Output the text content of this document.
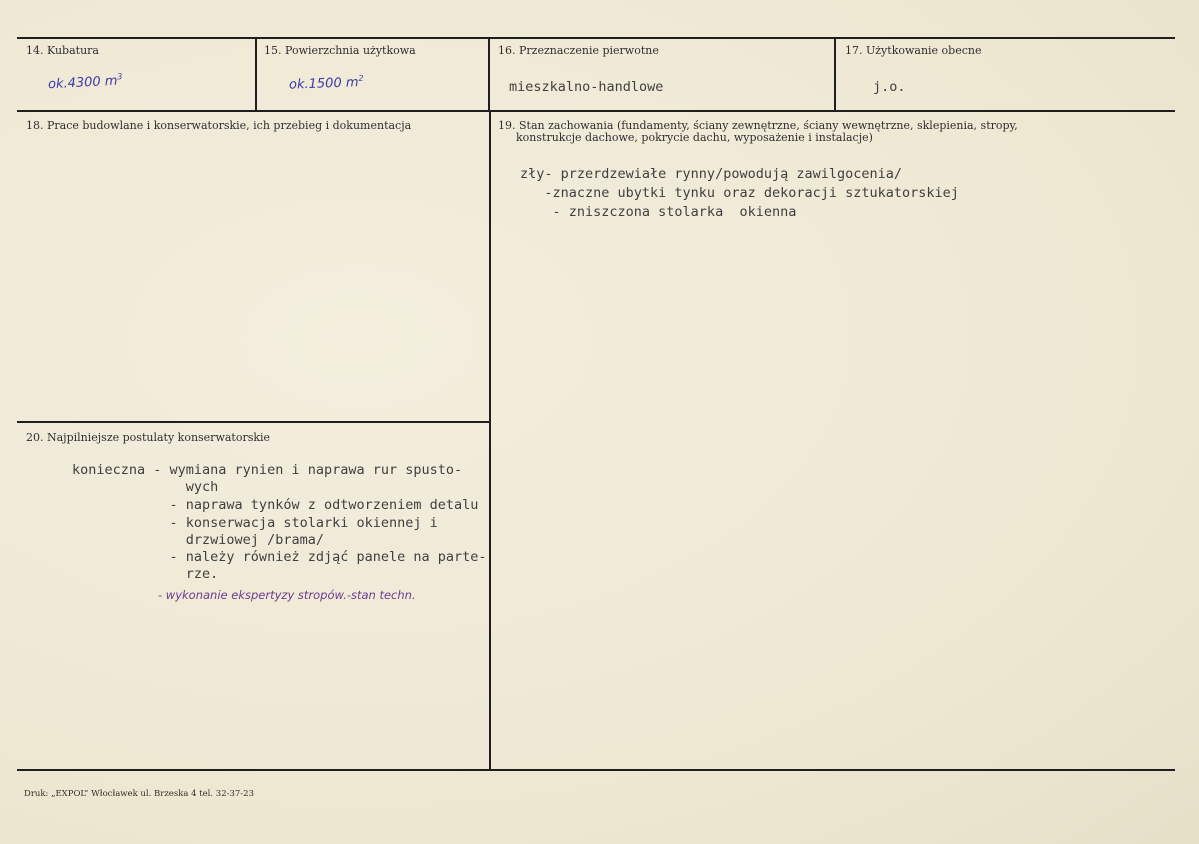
14. Kubatura
ok.4300 $m^3$
15. Powierzchnia użytkowa
ok.1500 $m^2$
16. Przeznaczenie pierwotne
mieszkalno-handlowe
17. Użytkowanie obecne
j.o.
18. Prace budowlane i konserwatorskie, ich przebieg i dokumentacja	19. Stan zachowania (fundamenty, ściany zewnętrzne, ściany wewnętrzne, sklepienia, stropy,
konstrukcje dachowe, pokrycie dachu, wyposażenie i instalacje)
zły- przerdzewiałe rynny/powodują zawilgocenia/
-znaczne ubytki tynku oraz dekoracji sztukatorskiej
- zniszczona stolarka  okienna
20. Najpilniejsze postulaty konserwatorskie
konieczna - wymiana rynien i naprawa rur spusto-
wych
- naprawa tynków z odtworzeniem detalu
- konserwacja stolarki okiennej i
drzwiowej /brama/
- należy również zdjąć panele na parte-
rze.
- wykonanie ekspertyzy stropów.-stan techn.
Druk: „EXPOL” Włocławek ul. Brzeska 4 tel. 32-37-23
